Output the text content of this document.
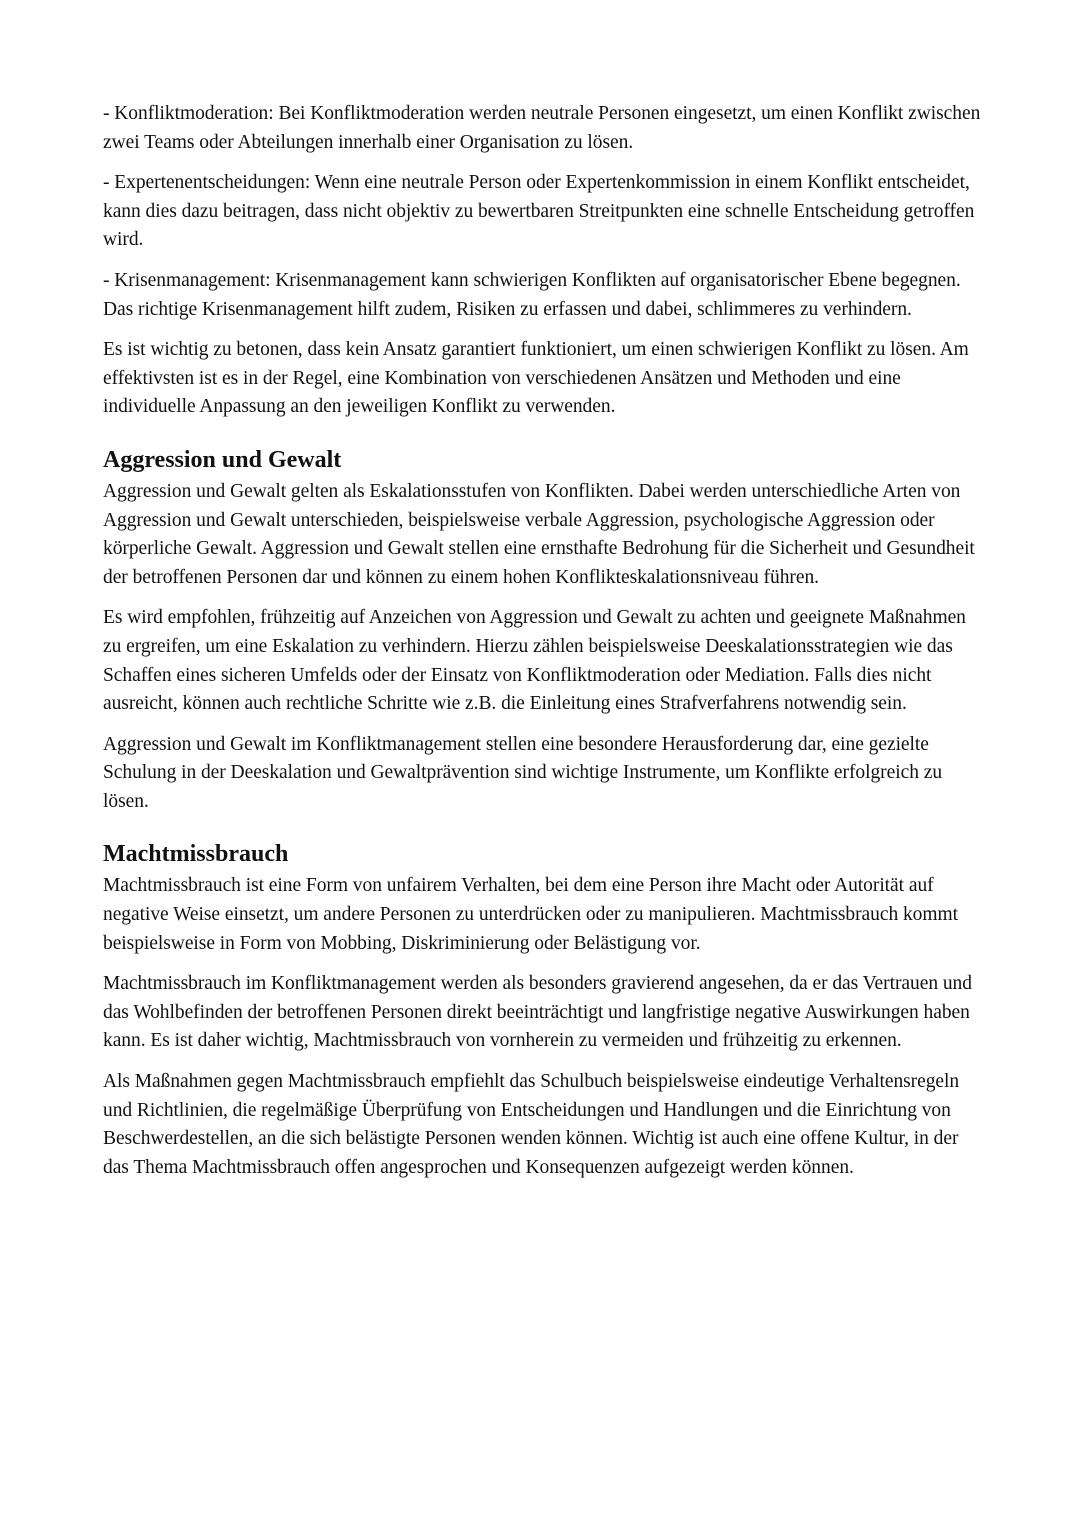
- Konfliktmoderation: Bei Konfliktmoderation werden neutrale Personen eingesetzt, um einen Konflikt zwischen zwei Teams oder Abteilungen innerhalb einer Organisation zu lösen.

- Expertenentscheidungen: Wenn eine neutrale Person oder Expertenkommission in einem Konflikt entscheidet, kann dies dazu beitragen, dass nicht objektiv zu bewertbaren Streitpunkten eine schnelle Entscheidung getroffen wird.

- Krisenmanagement: Krisenmanagement kann schwierigen Konflikten auf organisatorischer Ebene begegnen. Das richtige Krisenmanagement hilft zudem, Risiken zu erfassen und dabei, schlimmeres zu verhindern.

Es ist wichtig zu betonen, dass kein Ansatz garantiert funktioniert, um einen schwierigen Konflikt zu lösen. Am effektivsten ist es in der Regel, eine Kombination von verschiedenen Ansätzen und Methoden und eine individuelle Anpassung an den jeweiligen Konflikt zu verwenden.

Aggression und Gewalt

Aggression und Gewalt gelten als Eskalationsstufen von Konflikten. Dabei werden unterschiedliche Arten von Aggression und Gewalt unterschieden, beispielsweise verbale Aggression, psychologische Aggression oder körperliche Gewalt. Aggression und Gewalt stellen eine ernsthafte Bedrohung für die Sicherheit und Gesundheit der betroffenen Personen dar und können zu einem hohen Konflikteskalationsniveau führen.

Es wird empfohlen, frühzeitig auf Anzeichen von Aggression und Gewalt zu achten und geeignete Maßnahmen zu ergreifen, um eine Eskalation zu verhindern. Hierzu zählen beispielsweise Deeskalationsstrategien wie das Schaffen eines sicheren Umfelds oder der Einsatz von Konfliktmoderation oder Mediation. Falls dies nicht ausreicht, können auch rechtliche Schritte wie z.B. die Einleitung eines Strafverfahrens notwendig sein.

Aggression und Gewalt im Konfliktmanagement stellen eine besondere Herausforderung dar, eine gezielte Schulung in der Deeskalation und Gewaltprävention sind wichtige Instrumente, um Konflikte erfolgreich zu lösen.

Machtmissbrauch

Machtmissbrauch ist eine Form von unfairem Verhalten, bei dem eine Person ihre Macht oder Autorität auf negative Weise einsetzt, um andere Personen zu unterdrücken oder zu manipulieren. Machtmissbrauch kommt beispielsweise in Form von Mobbing, Diskriminierung oder Belästigung vor.

Machtmissbrauch im Konfliktmanagement werden als besonders gravierend angesehen, da er das Vertrauen und das Wohlbefinden der betroffenen Personen direkt beeinträchtigt und langfristige negative Auswirkungen haben kann. Es ist daher wichtig, Machtmissbrauch von vornherein zu vermeiden und frühzeitig zu erkennen.

Als Maßnahmen gegen Machtmissbrauch empfiehlt das Schulbuch beispielsweise eindeutige Verhaltensregeln und Richtlinien, die regelmäßige Überprüfung von Entscheidungen und Handlungen und die Einrichtung von Beschwerdestellen, an die sich belästigte Personen wenden können. Wichtig ist auch eine offene Kultur, in der das Thema Machtmissbrauch offen angesprochen und Konsequenzen aufgezeigt werden können.
